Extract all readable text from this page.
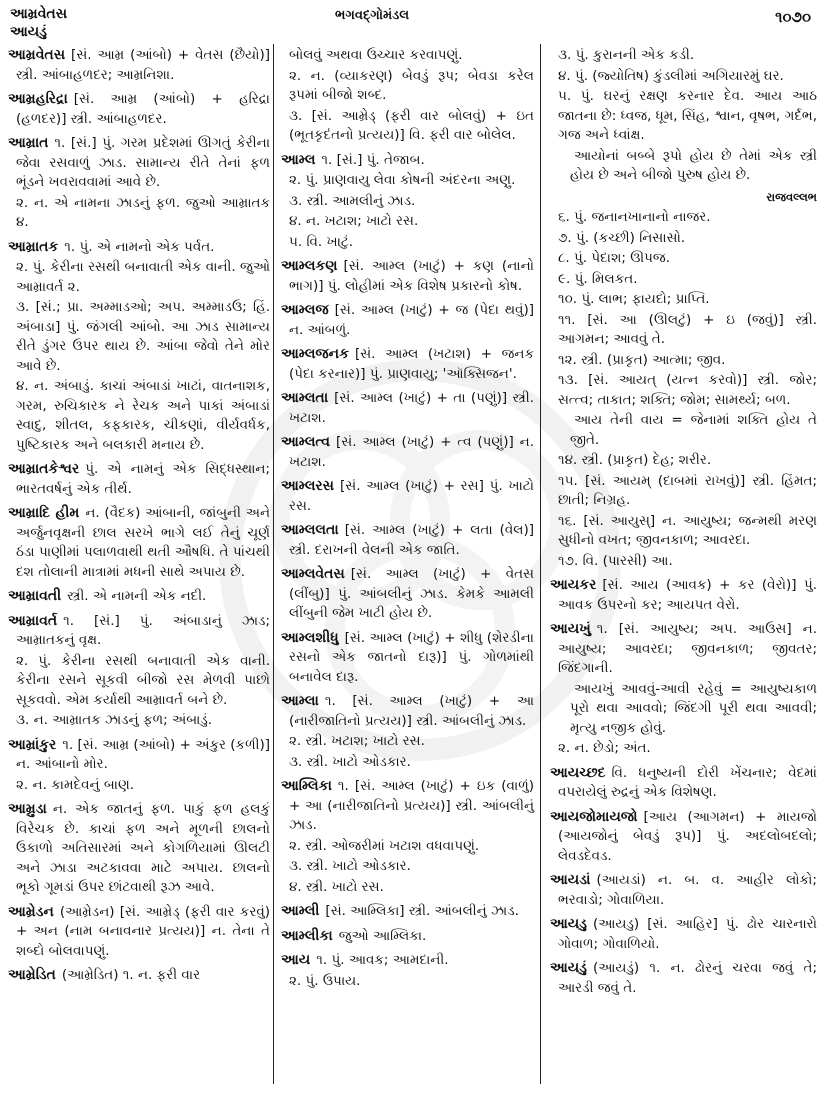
આમ્રવેતસ
આયડું
ભગવદ્ગોમંડલ	૧૦૭૦
આમ્રવેતસ [સં. આમ્ર (આંબો) + વેતસ (છૈયો)] સ્ત્રી. આંબાહળદર; આમ્રનિશા.
આમ્રહરિદ્રા [સં. આમ્ર (આંબો) + હરિદ્રા (હળદર)] સ્ત્રી. આંબાહળદર.
આમ્રાત ૧. [સં.] પું. ગરમ પ્રદેશમાં ઊગતું કેરીના જેવા રસવાળું ઝાડ. સામાન્ય રીતે તેનાં ફળ ભૂંડને ખવરાવવામાં આવે છે.
૨. ન. એ નામના ઝાડનું ફળ. જુઓ આમ્રાતક ૪.
આમ્રાતક ૧. પું. એ નામનો એક પર્વત.
૨. પું. કેરીના રસથી બનાવાતી એક વાની. જુઓ આમ્રાવર્ત ૨.
૩. [સં.; પ્રા. અમ્માડઓ; અપ. અમ્માડઉ; હિં. અંબાડા] પું. જંગલી આંબો. આ ઝાડ સામાન્ય રીતે ડુંગર ઉપર થાય છે. આંબા જેવો તેને મોર આવે છે.
૪. ન. અંબાડું. કાચાં અંબાડાં ખાટાં, વાતનાશક, ગરમ, રુચિકારક ને રેચક અને પાકાં અંબાડાં સ્વાદુ, શીતલ, કફકારક, ચીકણાં, વીર્યવર્ધક, પુષ્ટિકારક અને બલકારી મનાય છે.
આમ્રાતકેશ્વર પું. એ નામનું એક સિદ્ધસ્થાન; ભારતવર્ષનું એક તીર્થ.
આમ્રાદિ હીમ ન. (વૈદક) આંબાની, જાંબુની અને અર્જુનવૃક્ષની છાલ સરખે ભાગે લઈ તેનું ચૂર્ણ ઠંડા પાણીમાં પલાળવાથી થતી ઔષધિ. તે પાંચથી દશ તોલાની માત્રામાં મધની સાથે અપાય છે.
આમ્રાવતી સ્ત્રી. એ નામની એક નદી.
આમ્રાવર્ત ૧. [સં.] પું. અંબાડાનું ઝાડ; આમ્રાતકનું વૃક્ષ.
૨. પું. કેરીના રસથી બનાવાતી એક વાની. કેરીના રસને સૂકવી બીજો રસ મેળવી પાછો સૂકવવો. એમ કર્યાથી આમ્રાવર્ત બને છે.
૩. ન. આમ્રાતક ઝાડનું ફળ; અંબાડું.
આમ્રાંકુર ૧. [સં. આમ્ર (આંબો) + અંકુર (કળી)] ન. આંબાનો મોર.
૨. ન. કામદેવનું બાણ.
આમ્રુડા ન. એક જાતનું ફળ. પાકું ફળ હલકું વિરેચક છે. કાચાં ફળ અને મૂળની છાલનો ઉકાળો અતિસારમાં અને કોગળિયામાં ઊલટી અને ઝાડા અટકાવવા માટે અપાય. છાલનો ભૂકો ગૂમડાં ઉપર છાંટવાથી રૂઝ આવે.
આમ્રેડન (આમ્રેડન) [સં. આમ્રેડ્ (ફરી વાર કરવું) + અન (નામ બનાવનાર પ્રત્યય)] ન. તેના તે શબ્દો બોલવાપણું.
આમ્રેડિત (આમ્રેડિત) ૧. ન. ફરી વાર
બોલવું અથવા ઉચ્ચાર કરવાપણું.
૨. ન. (વ્યાકરણ) બેવડું રૂપ; બેવડા કરેલ રૂપમાં બીજો શબ્દ.
૩. [સં. આમ્રેડ્ (ફરી વાર બોલવું) + ઇત (ભૂતકૃદંતનો પ્રત્યય)] વિ. ફરી વાર બોલેલ.
આમ્લ ૧. [સં.] પું. તેજાબ.
૨. પું. પ્રાણવાયુ લેવા કોષની અંદરના અણુ.
૩. સ્ત્રી. આમલીનું ઝાડ.
૪. ન. ખટાશ; ખાટો રસ.
૫. વિ. ખાટું.
આમ્લકણ [સં. આમ્લ (ખાટું) + કણ (નાનો ભાગ)] પું. લોહીમાં એક વિશેષ પ્રકારનો કોષ.
આમ્લજ [સં. આમ્લ (ખાટું) + જ (પેદા થવું)] ન. આંબળું.
આમ્લજનક [સં. આમ્લ (ખટાશ) + જનક (પેદા કરનાર)] પું. પ્રાણવાયુ; 'ઑક્સિજન'.
આમ્લતા [સં. આમ્લ (ખાટું) + તા (પણું)] સ્ત્રી. ખટાશ.
આમ્લત્વ [સં. આમ્લ (ખાટું) + ત્વ (પણું)] ન. ખટાશ.
આમ્લરસ [સં. આમ્લ (ખાટું) + રસ] પું. ખાટો રસ.
આમ્લલતા [સં. આમ્લ (ખાટું) + લતા (વેલ)] સ્ત્રી. દરાખની વેલની એક જાતિ.
આમ્લવેતસ [સં. આમ્લ (ખાટું) + વેતસ (લીંબુ)] પું. આંબલીનું ઝાડ. કેમકે આમલી લીંબુની જેમ ખાટી હોય છે.
આમ્લશીધુ [સં. આમ્લ (ખાટું) + શીધુ (શેરડીના રસનો એક જાતનો દારૂ)] પું. ગોળમાંથી બનાવેલ દારૂ.
આમ્લા ૧. [સં. આમ્લ (ખાટું) + આ (નારીજાતિનો પ્રત્યય)] સ્ત્રી. આંબલીનું ઝાડ.
૨. સ્ત્રી. ખટાશ; ખાટો રસ.
૩. સ્ત્રી. ખાટો ઓડકાર.
આમ્લિકા ૧. [સં. આમ્લ (ખાટું) + ઇક (વાળું) + આ (નારીજાતિનો પ્રત્યય)] સ્ત્રી. આંબલીનું ઝાડ.
૨. સ્ત્રી. ઓજરીમાં ખટાશ વધવાપણું.
૩. સ્ત્રી. ખાટો ઓડકાર.
૪. સ્ત્રી. ખાટો રસ.
આમ્લી [સં. આમ્લિકા] સ્ત્રી. આંબલીનું ઝાડ.
આમ્લીકા જુઓ આમ્લિકા.
આય ૧. પું. આવક; આમદાની.
૨. પું. ઉપાય.
૩. પું. કુરાનની એક કડી.
૪. પું. (જ્યોતિષ) કુંડલીમાં અગિયારમું ઘર.
૫. પું. ઘરનું રક્ષણ કરનાર દેવ. આય આઠ જાતના છે: ધ્વજ, ધૂમ, સિંહ, શ્વાન, વૃષભ, ગર્દભ, ગજ અને ધ્વાંક્ષ.
આયોનાં બબ્બે રૂપો હોય છે તેમાં એક સ્ત્રી હોય છે અને બીજો પુરુષ હોય છે.
રાજવલ્લભ
૬. પું. જનાનખાનાનો નાજર.
૭. પું. (કચ્છી) નિસાસો.
૮. પું. પેદાશ; ઊપજ.
૯. પું. મિલકત.
૧૦. પું. લાભ; ફાયદો; પ્રાપ્તિ.
૧૧. [સં. આ (ઊલટું) + ઇ (જવું)] સ્ત્રી. આગમન; આવવું તે.
૧૨. સ્ત્રી. (પ્રાકૃત) આત્મા; જીવ.
૧૩. [સં. આયત્ (યત્ન કરવો)] સ્ત્રી. જોર; સત્ત્વ; તાકાત; શક્તિ; જોમ; સામર્થ્ય; બળ.
આય તેની વાય = જેનામાં શક્તિ હોય તે જીતે.
૧૪. સ્ત્રી. (પ્રાકૃત) દેહ; શરીર.
૧૫. [સં. આયમ્ (દાબમાં રાખવું)] સ્ત્રી. હિંમત; છાતી; નિગ્રહ.
૧૬. [સં. આયુસ્] ન. આયુષ્ય; જન્મથી મરણ સુધીનો વખત; જીવનકાળ; આવરદા.
૧૭. વિ. (પારસી) આ.
આયકર [સં. આય (આવક) + કર (વેરો)] પું. આવક ઉપરનો કર; આયપત વેરો.
આયખું ૧. [સં. આયુષ્ય; અપ. આઉસ] ન. આયુષ્ય; આવરદા; જીવનકાળ; જીવતર; જિંદગાની.
આયખું આવવું-આવી રહેવું = આયુષ્યકાળ પૂરો થવા આવવો; જિંદગી પૂરી થવા આવવી; મૃત્યુ નજીક હોવું.
૨. ન. છેડો; અંત.
આયચ્છદ વિ. ધનુષ્યની દોરી ખેંચનાર; વેદમાં વપરાયેલું રુદ્રનું એક વિશેષણ.
આયજોમાયજો [આય (આગમન) + માયજો (આયજોનું બેવડું રૂપ)] પું. અદલોબદલો; લેવડદેવડ.
આયડાં (આયડાં) ન. બ. વ. આહીર લોકો; ભરવાડો; ગોવાળિયા.
આયડુ (આયડુ) [સં. આહિર] પું. ઢોર ચારનારો ગોવાળ; ગોવાળિયો.
આયડું (આયડું) ૧. ન. ઢોરનું ચરવા જવું તે; આરડી જવું તે.
